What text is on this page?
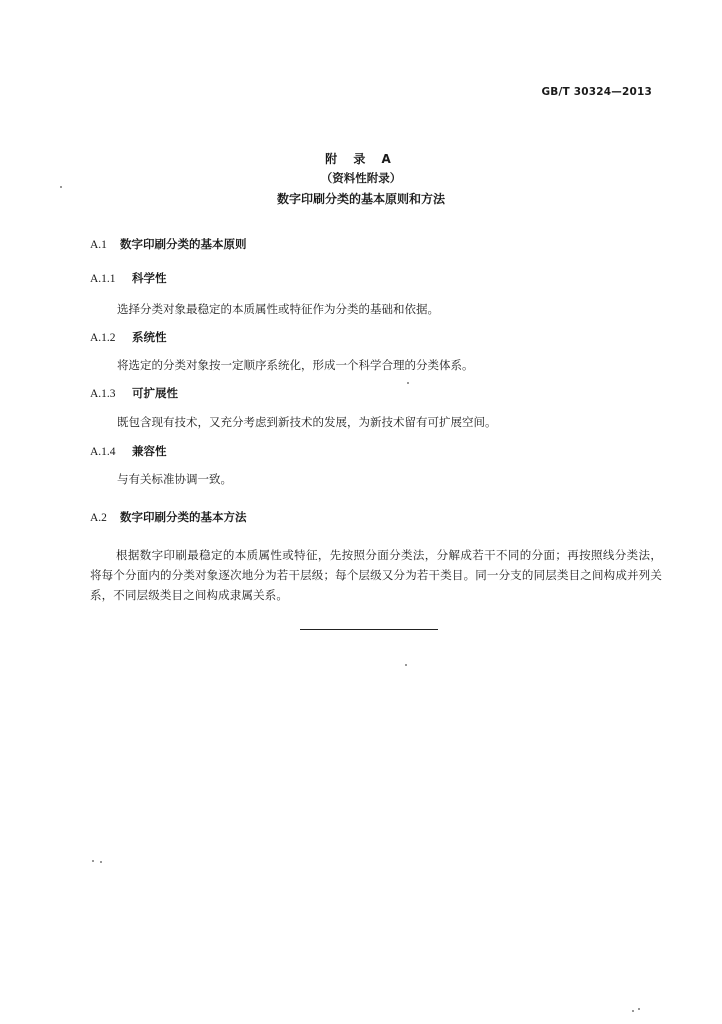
GB/T 30324—2013
附 录 A
（资料性附录）
数字印刷分类的基本原则和方法
A.1 数字印刷分类的基本原则
A.1.1 科学性
选择分类对象最稳定的本质属性或特征作为分类的基础和依据。
A.1.2 系统性
将选定的分类对象按一定顺序系统化，形成一个科学合理的分类体系。
A.1.3 可扩展性
既包含现有技术，又充分考虑到新技术的发展，为新技术留有可扩展空间。
A.1.4 兼容性
与有关标准协调一致。
A.2 数字印刷分类的基本方法
根据数字印刷最稳定的本质属性或特征，先按照分面分类法，分解成若干不同的分面；再按照线分类法，将每个分面内的分类对象逐次地分为若干层级；每个层级又分为若干类目。同一分支的同层类目之间构成并列关系，不同层级类目之间构成隶属关系。
